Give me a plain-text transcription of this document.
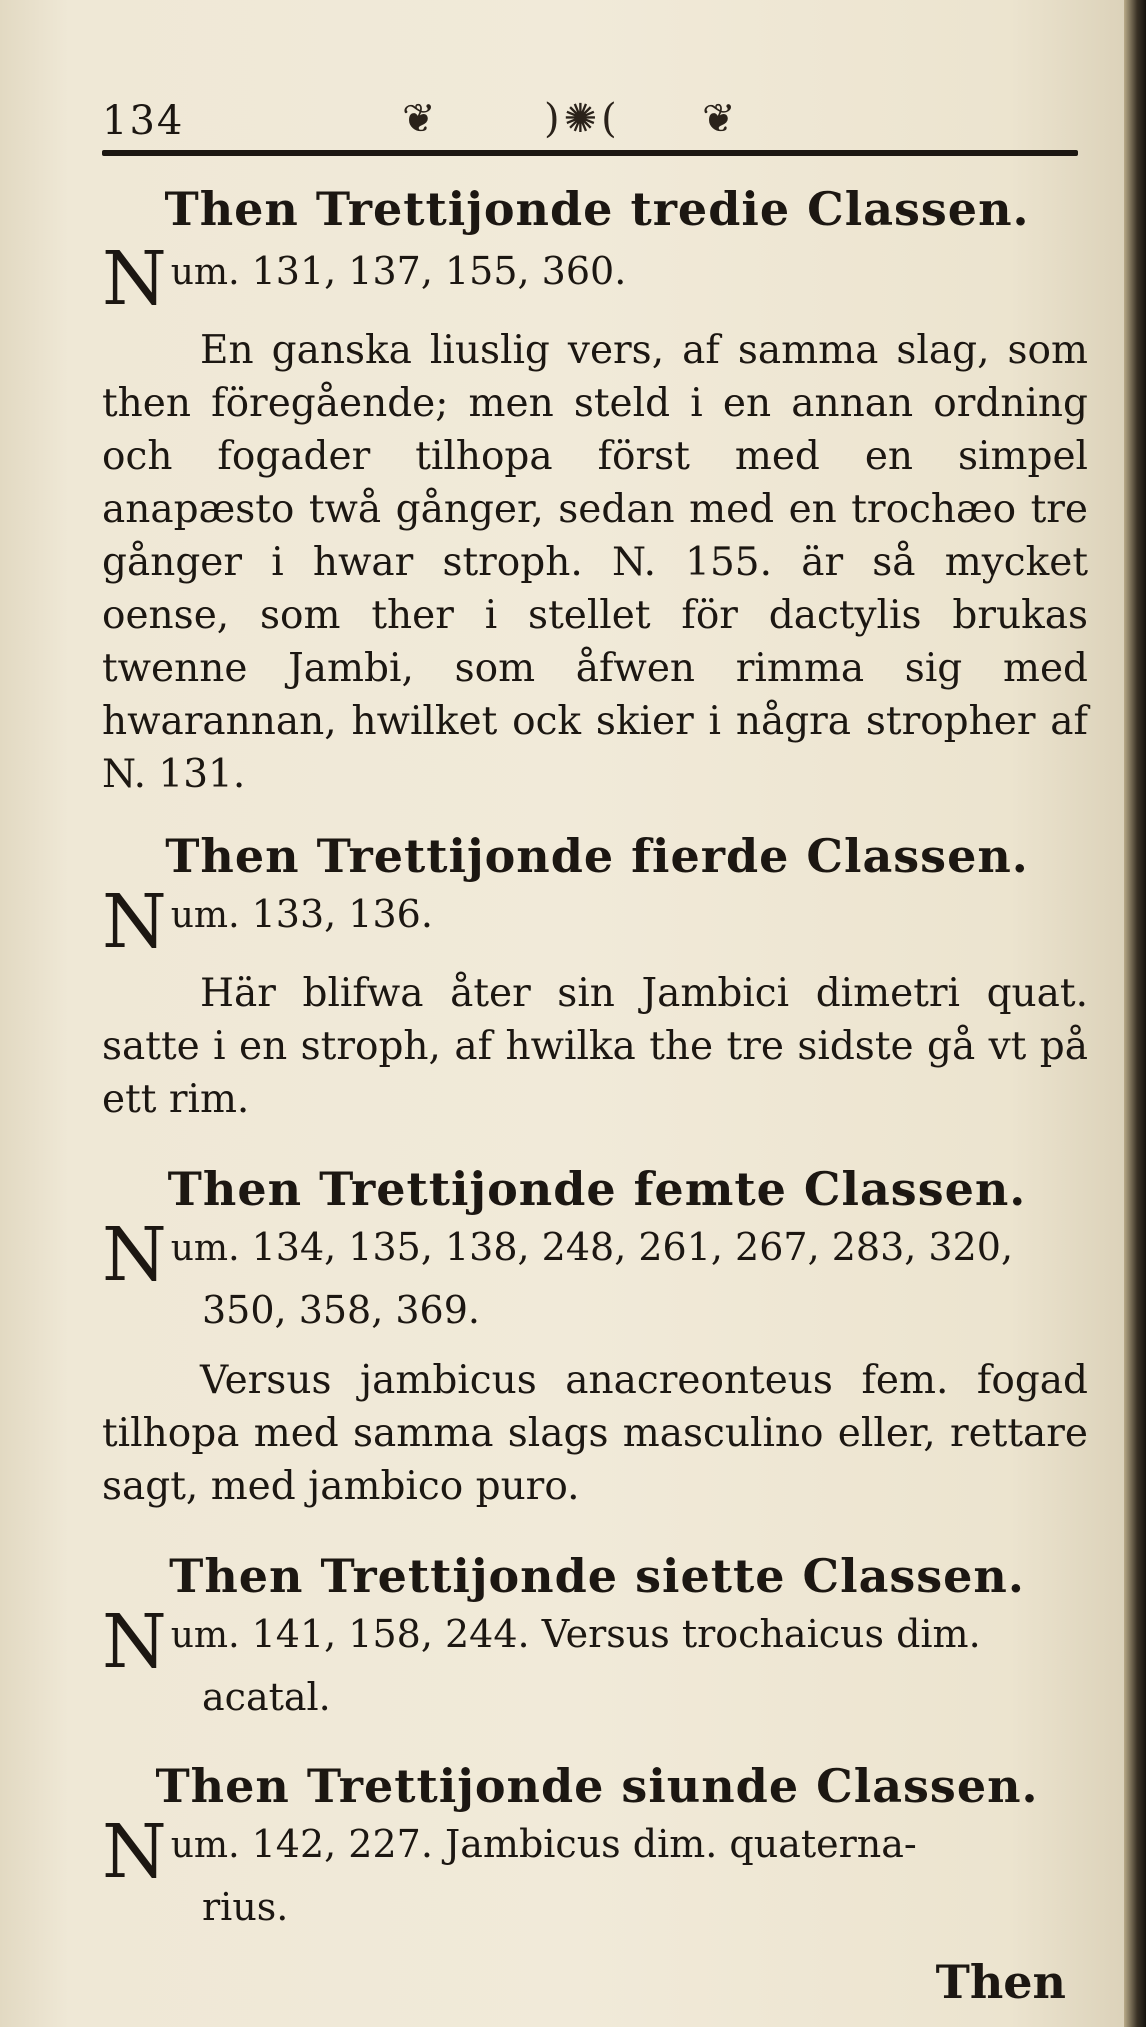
134	❦	)✺( ❦
Then Trettijonde tredie Classen.
N um. 131, 137, 155, 360.

En ganska liuslig vers, af samma slag, som then föregående; men steld i en annan ordning och fogader tilhopa först med en simpel anapæsto twå gånger, sedan med en trochæo tre gånger i hwar stroph. N. 155. är så mycket oense, som ther i stellet för dactylis brukas twenne Jambi, som åfwen rimma sig med hwarannan, hwilket ock skier i några stropher af N. 131.

Then Trettijonde fierde Classen.
N um. 133, 136.

Här blifwa åter sin Jambici dimetri quat. satte i en stroph, af hwilka the tre sidste gå vt på ett rim.

Then Trettijonde femte Classen.
N um. 134, 135, 138, 248, 261, 267, 283, 320,
350, 358, 369.

Versus jambicus anacreonteus fem. fogad tilhopa med samma slags masculino eller, rettare sagt, med jambico puro.

Then Trettijonde siette Classen.
N um. 141, 158, 244. Versus trochaicus dim.
acatal.
Then Trettijonde siunde Classen.
N um. 142, 227. Jambicus dim. quaterna-
rius.
Then
